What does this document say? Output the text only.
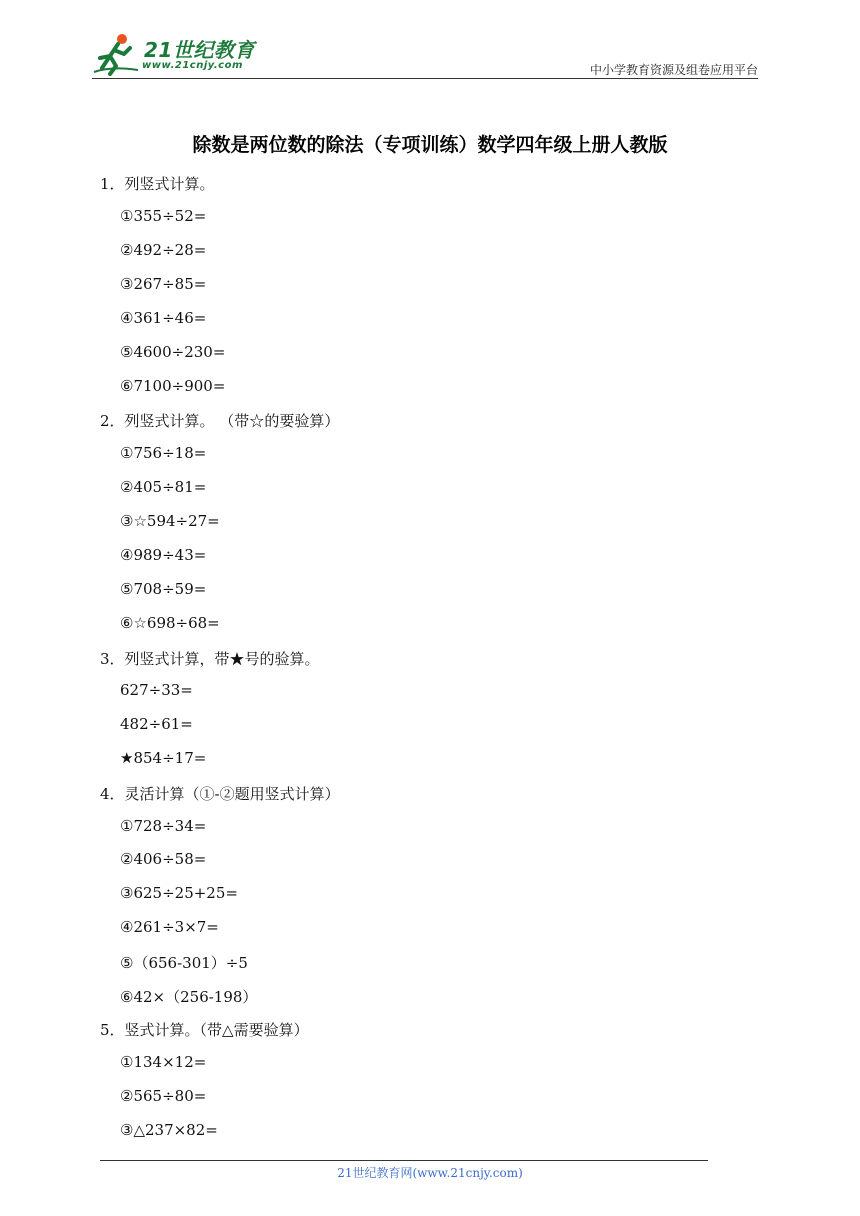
21世纪教育
www.21cnjy.com	中小学教育资源及组卷应用平台
除数是两位数的除法（专项训练）数学四年级上册人教版
1．列竖式计算。
①355÷52=
②492÷28=
③267÷85=
④361÷46=
⑤4600÷230=
⑥7100÷900=
2．列竖式计算。 （带☆的要验算）
①756÷18=
②405÷81=
③☆594÷27=
④989÷43=
⑤708÷59=
⑥☆698÷68=
3．列竖式计算，带★号的验算。
627÷33=
482÷61=
★854÷17=
4．灵活计算（①-②题用竖式计算）
①728÷34=
②406÷58=
③625÷25+25=
④261÷3×7=
⑤（656-301）÷5
⑥42×（256-198）
5．竖式计算。（带△需要验算）
①134×12=
②565÷80=
③△237×82=
21世纪教育网(www.21cnjy.com)
